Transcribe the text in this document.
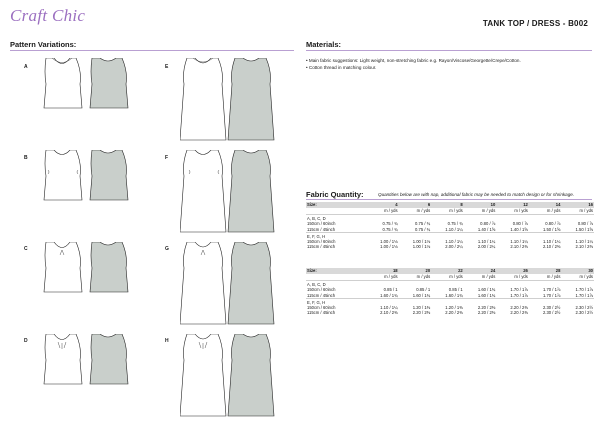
Craft Chic	TANK TOP / DRESS - B002
Pattern Variations:	Materials:
• Main fabric suggestions: Light weight, non-stretching fabric e.g. Rayon/Viscose/Georgette/Crepe/Cotton.
• Cotton thread in matching colour.
Fabric Quantity:	Quantities below are with nap, additional fabric may be needed to match design or for shrinkage.
Size:	4	6	8	10	12	14	16
	m / yds	m / yds	m / yds	m / yds	m / yds	m / yds	m / yds
A, B, C, D							
150cm / 60inch	0.75 / ¾	0.75 / ¾	0.75 / ¾	0.80 / ⅞	0.80 / ⅞	0.80 / ⅞	0.80 / ⅞
115cm / 45inch	0.75 / ¾	0.75 / ¾	1.10 / 1¼	1.40 / 1⅝	1.40 / 1⅝	1.50 / 1⅝	1.50 / 1⅝
E, F, G, H							
150cm / 60inch	1.00 / 1⅛	1.00 / 1⅛	1.10 / 1¼	1.10 / 1¼	1.10 / 1¼	1.10 / 1¼	1.10 / 1¼
115cm / 45inch	1.00 / 1⅛	1.00 / 1⅛	2.00 / 2¼	2.00 / 2¼	2.10 / 2⅜	2.10 / 2⅜	2.10 / 2⅜
Size:	18	20	22	24	26	28	30
	m / yds	m / yds	m / yds	m / yds	m / yds	m / yds	m / yds
A, B, C, D							
150cm / 60inch	0.85 / 1	0.85 / 1	0.85 / 1	1.60 / 1¾	1.70 / 1⅞	1.70 / 1⅞	1.70 / 1⅞
115cm / 45inch	1.60 / 1¾	1.60 / 1¾	1.60 / 1¾	1.60 / 1¾	1.70 / 1⅞	1.70 / 1⅞	1.70 / 1⅞
E, F, G, H							
150cm / 60inch	1.10 / 1¼	1.20 / 1⅜	1.20 / 1⅜	2.20 / 2⅜	2.20 / 2⅜	2.30 / 2½	2.30 / 2½
115cm / 45inch	2.10 / 2⅜	2.20 / 2⅜	2.20 / 2⅜	2.20 / 2⅜	2.20 / 2⅜	2.30 / 2½	2.30 / 2½
A
B
C
D
E
F
G
H
